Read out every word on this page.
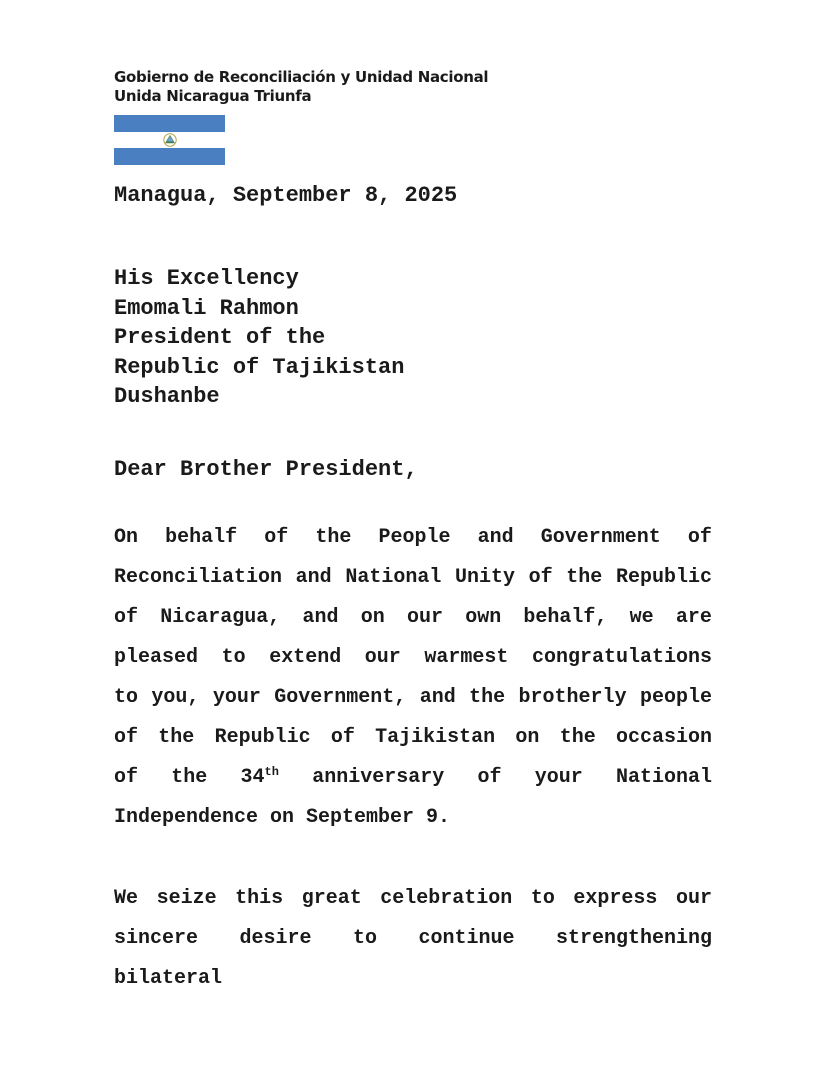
Gobierno de Reconciliación y Unidad Nacional
Unida Nicaragua Triunfa
Managua, September 8, 2025
His Excellency
Emomali Rahmon
President of the
Republic of Tajikistan
Dushanbe
Dear Brother President,
On behalf of the People and Government of
Reconciliation and National Unity of the Republic
of Nicaragua, and on our own behalf, we are
pleased to extend our warmest congratulations
to you, your Government, and the brotherly people
of the Republic of Tajikistan on the occasion
of the 34th anniversary of your National
Independence on September 9.
We seize this great celebration to express our
sincere desire to continue strengthening bilateral
